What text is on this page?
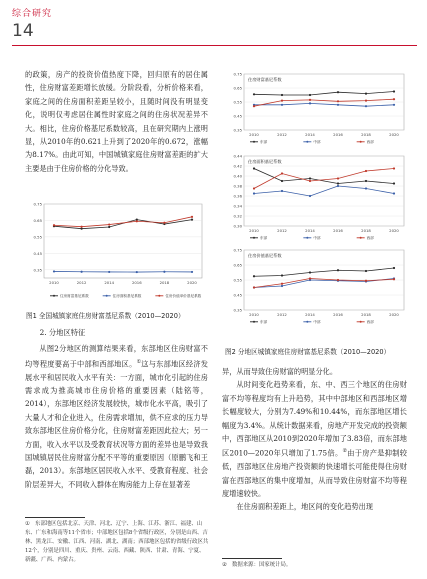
综合研究
14

的政策，房产的投资价值热度下降，回归原有的居住属性，住房财富差距增长放缓。分阶段看，分析价格来看，家庭之间的住房面积差距呈较小，且随时间没有明显变化，说明仅考虑居住属性时家庭之间的住房状况差异不大。相比，住房价格基尼系数较高，且在研究期内上涨明显，从2010年的0.621上升到了2020年的0.672，涨幅为8.17%。由此可知，中国城镇家庭住房财富差距的扩大主要是由于住房价格的分化导致。

0.75
0.65
0.55
0.45
0.35
2010	2012	2014	2016	2018	2020
住房财富基尼系数	住房面积基尼系数	住房价值单价基尼系数
图1 全国城镇家庭住房财富基尼系数（2010—2020）

2. 分地区特征

从图2分地区的测算结果来看，东部地区住房财富不均等程度要高于中部和西部地区。①这与东部地区经济发展水平和居民收入水平有关：一方面，城市化引起的住房需求成为推高城市住房价格的重要因素（陆铭等，2014），东部地区经济发展较快，城市化水平高，吸引了大量人才和企业进入，住房需求增加，供不应求的压力导致东部地区住房价格分化，住房财富差距因此拉大；另一方面，收入水平以及受教育状况等方面的差异也是导致我国城镇居民住房财富分配不平等的重要原因（原鹏飞和王磊，2013）。东部地区居民收入水平、受教育程度、社会阶层差异大，不同收入群体在购房能力上存在显著差

① 东部地区包括北京、天津、河北、辽宁、上海、江苏、浙江、福建、山东、广东和海南等11个省市；中部地区包括8个省级行政区，分别是山西、吉林、黑龙江、安徽、江西、河南、湖北、湖南；西部地区包括的省级行政区共12个，分别是四川、重庆、贵州、云南、西藏、陕西、甘肃、青海、宁夏、新疆、广西、内蒙古。
0.75
0.65
0.55
0.45
0.35
2010	2012	2014	2016	2018	2020
住房财富基尼系数
东部	中部	西部
0.44
0.42
0.40
0.38
0.36
0.34
0.32
0.30
2010	2012	2014	2016	2018	2020
住房面积基尼系数
东部	中部	西部
0.75
0.65
0.55
0.45
0.35
2010	2012	2014	2016	2018	2020
住房价值基尼系数
东部	中部	西部
图2 分地区城镇家庭住房财富基尼系数（2010—2020）

异，从而导致住房财富的明显分化。

从时间变化趋势来看，东、中、西三个地区的住房财富不均等程度均有上升趋势，其中中部地区和西部地区增长幅度较大，分别为7.49%和10.44%，而东部地区增长幅度为3.4%。从统计数据来看，房地产开发完成的投资额中，西部地区从2010到2020年增加了3.83倍，而东部地区2010—2020年只增加了1.75倍。②由于房产是抑制较低，西部地区住房地产投资额的快速增长可能使得住房财富在西部地区的集中度增加，从而导致住房财富不均等程度增速较快。

在住房面积差距上，地区间的变化趋势出现

② 数据来源：国家统计局。
